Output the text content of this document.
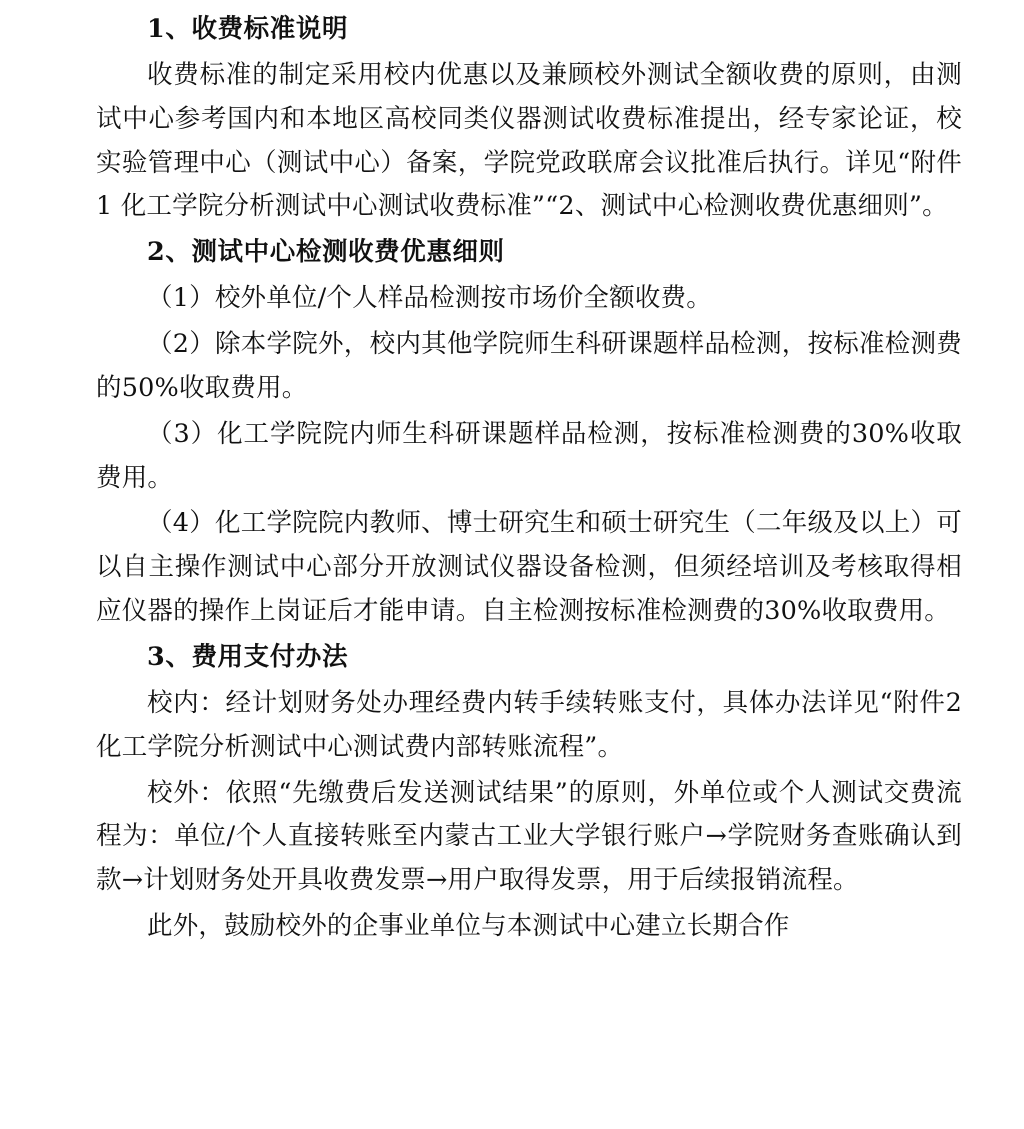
1、收费标准说明

收费标准的制定采用校内优惠以及兼顾校外测试全额收费的原则，由测试中心参考国内和本地区高校同类仪器测试收费标准提出，经专家论证，校实验管理中心（测试中心）备案，学院党政联席会议批准后执行。详见“附件1 化工学院分析测试中心测试收费标准”“2、测试中心检测收费优惠细则”。

2、测试中心检测收费优惠细则

（1）校外单位/个人样品检测按市场价全额收费。

（2）除本学院外，校内其他学院师生科研课题样品检测，按标准检测费的50%收取费用。

（3）化工学院院内师生科研课题样品检测，按标准检测费的30%收取费用。

（4）化工学院院内教师、博士研究生和硕士研究生（二年级及以上）可以自主操作测试中心部分开放测试仪器设备检测，但须经培训及考核取得相应仪器的操作上岗证后才能申请。自主检测按标准检测费的30%收取费用。

3、费用支付办法

校内：经计划财务处办理经费内转手续转账支付，具体办法详见“附件2 化工学院分析测试中心测试费内部转账流程”。

校外：依照“先缴费后发送测试结果”的原则，外单位或个人测试交费流程为：单位/个人直接转账至内蒙古工业大学银行账户→学院财务查账确认到款→计划财务处开具收费发票→用户取得发票，用于后续报销流程。

此外，鼓励校外的企事业单位与本测试中心建立长期合作
